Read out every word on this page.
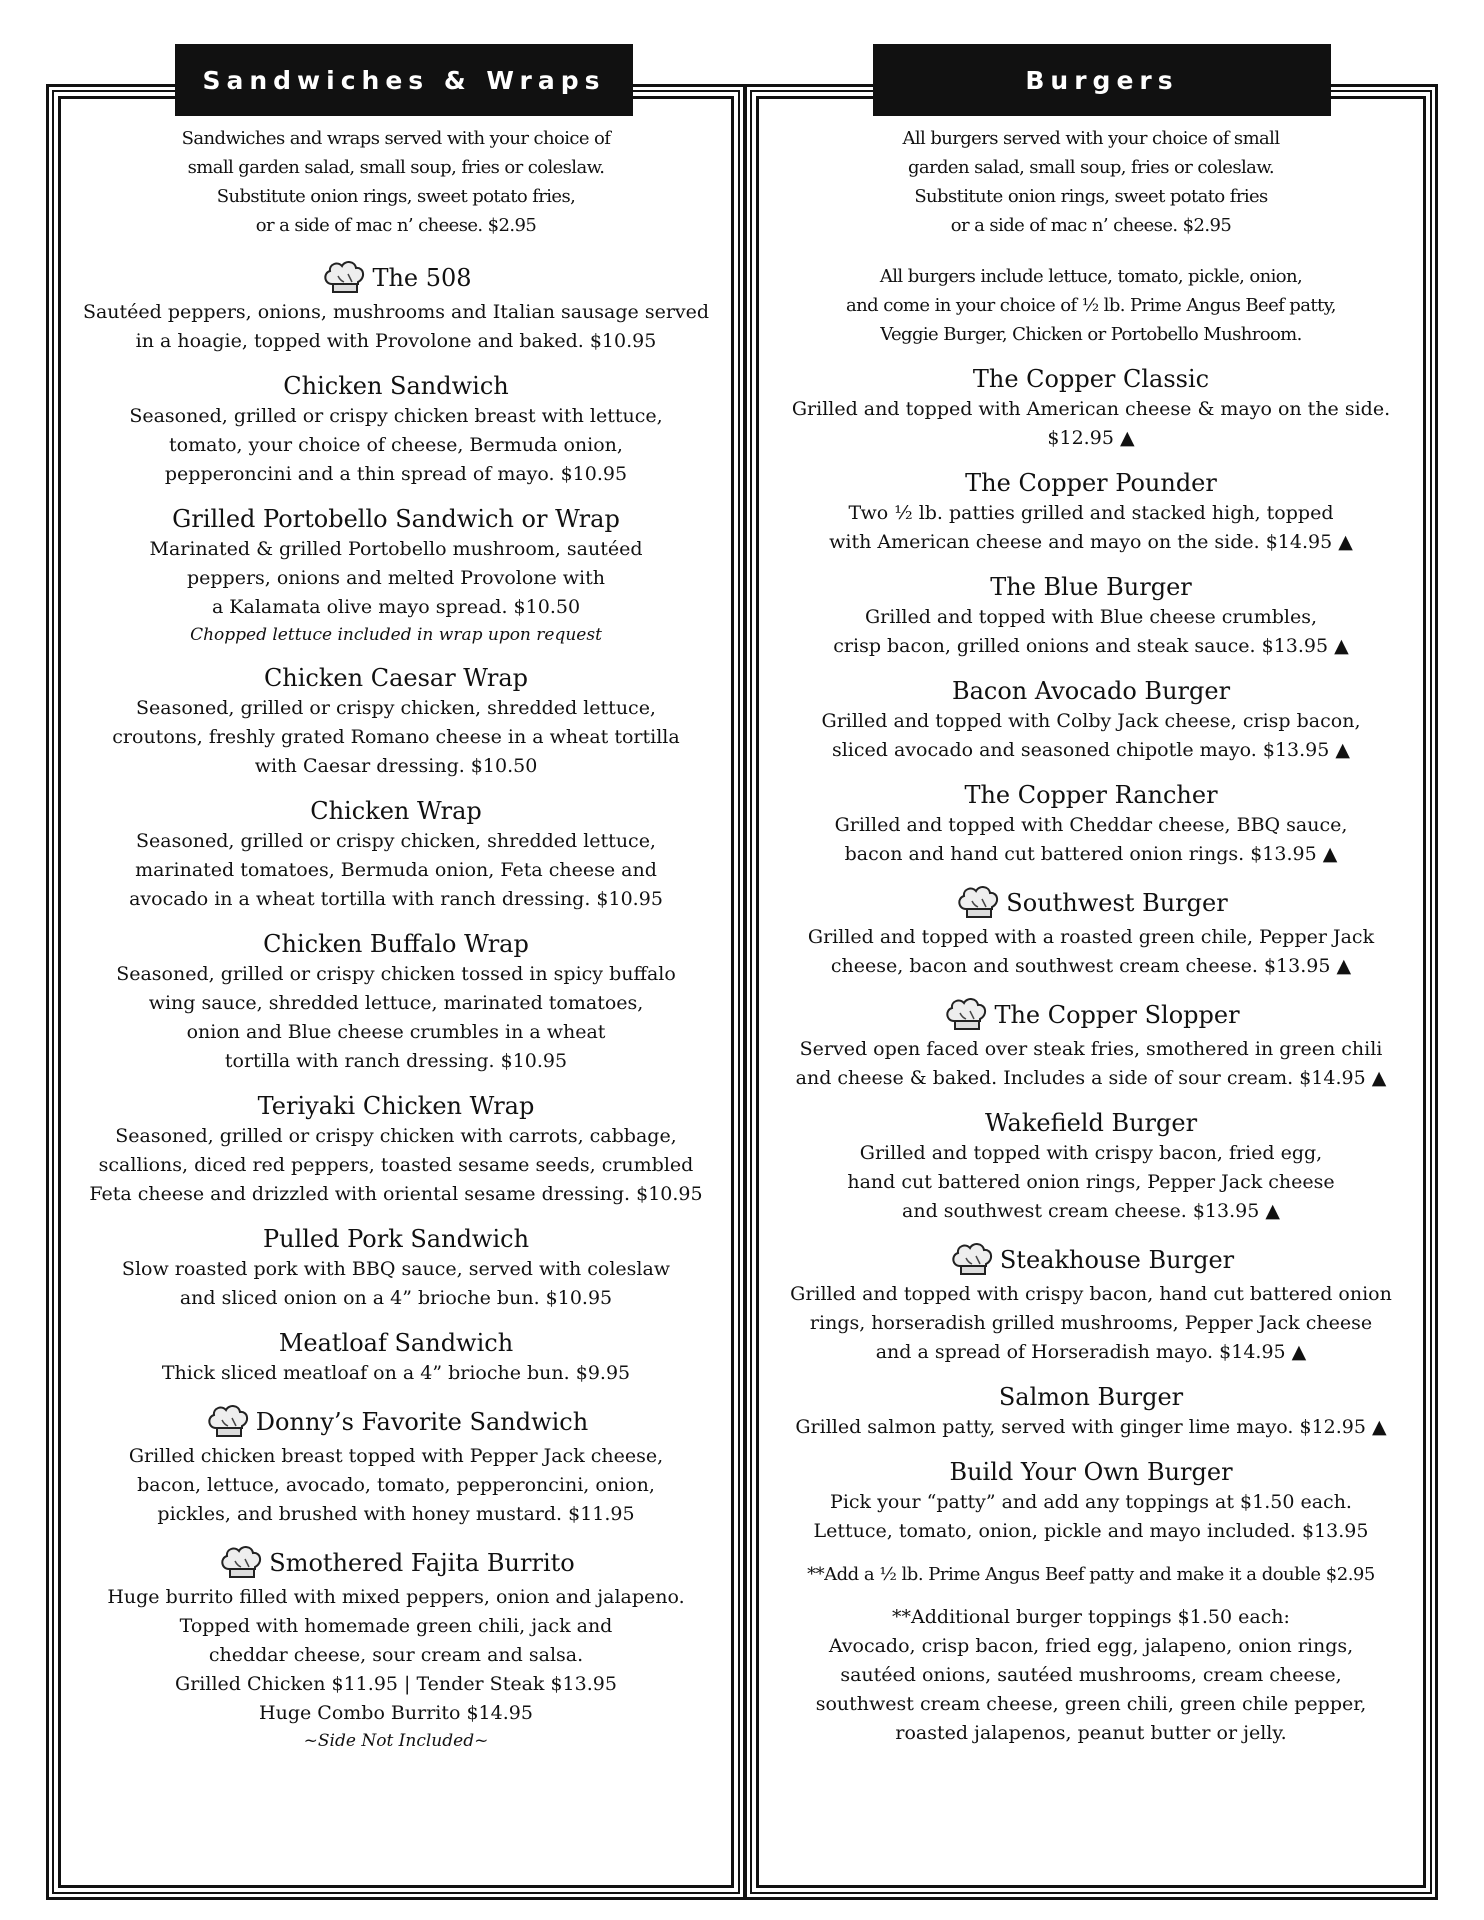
Sandwiches & Wraps	Burgers
Sandwiches and wraps served with your choice of
small garden salad, small soup, fries or coleslaw.
Substitute onion rings, sweet potato fries,
or a side of mac n’ cheese. $2.95
The 508
Sautéed peppers, onions, mushrooms and Italian sausage served
in a hoagie, topped with Provolone and baked. $10.95
Chicken Sandwich
Seasoned, grilled or crispy chicken breast with lettuce,
tomato, your choice of cheese, Bermuda onion,
pepperoncini and a thin spread of mayo. $10.95
Grilled Portobello Sandwich or Wrap
Marinated & grilled Portobello mushroom, sautéed
peppers, onions and melted Provolone with
a Kalamata olive mayo spread. $10.50
Chopped lettuce included in wrap upon request
Chicken Caesar Wrap
Seasoned, grilled or crispy chicken, shredded lettuce,
croutons, freshly grated Romano cheese in a wheat tortilla
with Caesar dressing. $10.50
Chicken Wrap
Seasoned, grilled or crispy chicken, shredded lettuce,
marinated tomatoes, Bermuda onion, Feta cheese and
avocado in a wheat tortilla with ranch dressing. $10.95
Chicken Buffalo Wrap
Seasoned, grilled or crispy chicken tossed in spicy buffalo
wing sauce, shredded lettuce, marinated tomatoes,
onion and Blue cheese crumbles in a wheat
tortilla with ranch dressing. $10.95
Teriyaki Chicken Wrap
Seasoned, grilled or crispy chicken with carrots, cabbage,
scallions, diced red peppers, toasted sesame seeds, crumbled
Feta cheese and drizzled with oriental sesame dressing. $10.95
Pulled Pork Sandwich
Slow roasted pork with BBQ sauce, served with coleslaw
and sliced onion on a 4” brioche bun. $10.95
Meatloaf Sandwich
Thick sliced meatloaf on a 4” brioche bun. $9.95
Donny’s Favorite Sandwich
Grilled chicken breast topped with Pepper Jack cheese,
bacon, lettuce, avocado, tomato, pepperoncini, onion,
pickles, and brushed with honey mustard. $11.95
Smothered Fajita Burrito
Huge burrito filled with mixed peppers, onion and jalapeno.
Topped with homemade green chili, jack and
cheddar cheese, sour cream and salsa.
Grilled Chicken $11.95 | Tender Steak $13.95
Huge Combo Burrito $14.95
~Side Not Included~
All burgers served with your choice of small
garden salad, small soup, fries or coleslaw.
Substitute onion rings, sweet potato fries
or a side of mac n’ cheese. $2.95
All burgers include lettuce, tomato, pickle, onion,
and come in your choice of ½ lb. Prime Angus Beef patty,
Veggie Burger, Chicken or Portobello Mushroom.
The Copper Classic
Grilled and topped with American cheese & mayo on the side.
$12.95 ▲
The Copper Pounder
Two ½ lb. patties grilled and stacked high, topped
with American cheese and mayo on the side. $14.95 ▲
The Blue Burger
Grilled and topped with Blue cheese crumbles,
crisp bacon, grilled onions and steak sauce. $13.95 ▲
Bacon Avocado Burger
Grilled and topped with Colby Jack cheese, crisp bacon,
sliced avocado and seasoned chipotle mayo. $13.95 ▲
The Copper Rancher
Grilled and topped with Cheddar cheese, BBQ sauce,
bacon and hand cut battered onion rings. $13.95 ▲
Southwest Burger
Grilled and topped with a roasted green chile, Pepper Jack
cheese, bacon and southwest cream cheese. $13.95 ▲
The Copper Slopper
Served open faced over steak fries, smothered in green chili
and cheese & baked. Includes a side of sour cream. $14.95 ▲
Wakefield Burger
Grilled and topped with crispy bacon, fried egg,
hand cut battered onion rings, Pepper Jack cheese
and southwest cream cheese. $13.95 ▲
Steakhouse Burger
Grilled and topped with crispy bacon, hand cut battered onion
rings, horseradish grilled mushrooms, Pepper Jack cheese
and a spread of Horseradish mayo. $14.95 ▲
Salmon Burger
Grilled salmon patty, served with ginger lime mayo. $12.95 ▲
Build Your Own Burger
Pick your “patty” and add any toppings at $1.50 each.
Lettuce, tomato, onion, pickle and mayo included. $13.95
**Add a ½ lb. Prime Angus Beef patty and make it a double $2.95
**Additional burger toppings $1.50 each:
Avocado, crisp bacon, fried egg, jalapeno, onion rings,
sautéed onions, sautéed mushrooms, cream cheese,
southwest cream cheese, green chili, green chile pepper,
roasted jalapenos, peanut butter or jelly.
